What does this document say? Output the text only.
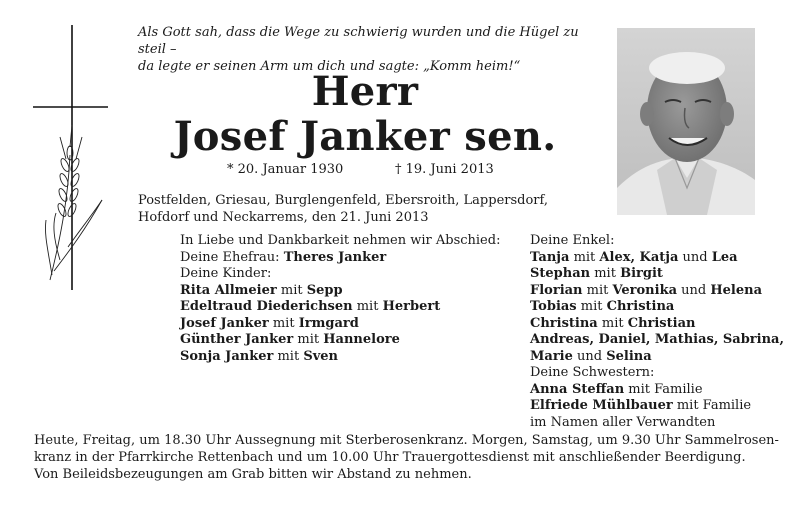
Als Gott sah, dass die Wege zu schwierig wurden und die Hügel zu steil –
da legte er seinen Arm um dich und sagte: „Komm heim!“
Herr
Josef Janker sen.
* 20. Januar 1930	† 19. Juni 2013
Postfelden, Griesau, Burglengenfeld, Ebersroith, Lappersdorf,
Hofdorf und Neckarrems, den 21. Juni 2013
In Liebe und Dankbarkeit nehmen wir Abschied:
Deine Ehefrau: Theres Janker
Deine Kinder:
Rita Allmeier mit Sepp
Edeltraud Diederichsen mit Herbert
Josef Janker mit Irmgard
Günther Janker mit Hannelore
Sonja Janker mit Sven
Deine Enkel:
Tanja mit Alex, Katja und Lea
Stephan mit Birgit
Florian mit Veronika und Helena
Tobias mit Christina
Christina mit Christian
Andreas, Daniel, Mathias, Sabrina,
Marie und Selina
Deine Schwestern:
Anna Steffan mit Familie
Elfriede Mühlbauer mit Familie
im Namen aller Verwandten
Heute, Freitag, um 18.30 Uhr Aussegnung mit Sterberosenkranz. Morgen, Samstag, um 9.30 Uhr Sammelrosen-
kranz in der Pfarrkirche Rettenbach und um 10.00 Uhr Trauergottesdienst mit anschließender Beerdigung.
Von Beileidsbezeugungen am Grab bitten wir Abstand zu nehmen.
